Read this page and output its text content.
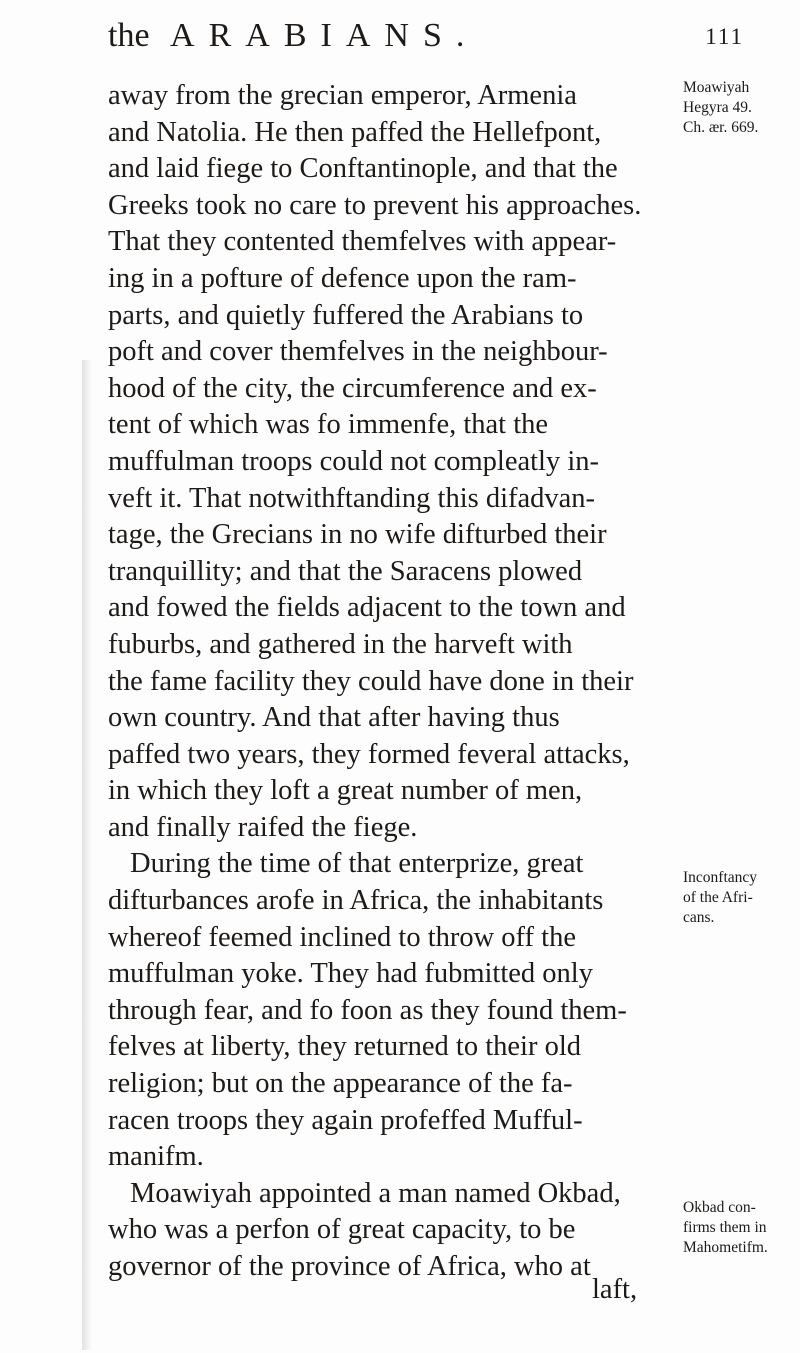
the ARABIANS.	111
away from the grecian emperor, Armenia
and Natolia. He then paffed the Hellefpont,
and laid fiege to Conftantinople, and that the
Greeks took no care to prevent his approaches.
That they contented themfelves with appear-
ing in a pofture of defence upon the ram-
parts, and quietly fuffered the Arabians to
poft and cover themfelves in the neighbour-
hood of the city, the circumference and ex-
tent of which was fo immenfe, that the
muffulman troops could not compleatly in-
veft it. That notwithftanding this difadvan-
tage, the Grecians in no wife difturbed their
tranquillity; and that the Saracens plowed
and fowed the fields adjacent to the town and
fuburbs, and gathered in the harveft with
the fame facility they could have done in their
own country. And that after having thus
paffed two years, they formed feveral attacks,
in which they loft a great number of men,
and finally raifed the fiege.
During the time of that enterprize, great
difturbances arofe in Africa, the inhabitants
whereof feemed inclined to throw off the
muffulman yoke. They had fubmitted only
through fear, and fo foon as they found them-
felves at liberty, they returned to their old
religion; but on the appearance of the fa-
racen troops they again profeffed Mufful-
manifm.
Moawiyah appointed a man named Okbad,
who was a perfon of great capacity, to be
governor of the province of Africa, who at
laft,
Moawiyah
Hegyra 49.
Ch. ær. 669.
Inconftancy
of the Afri-
cans.
Okbad con-
firms them in
Mahometifm.
